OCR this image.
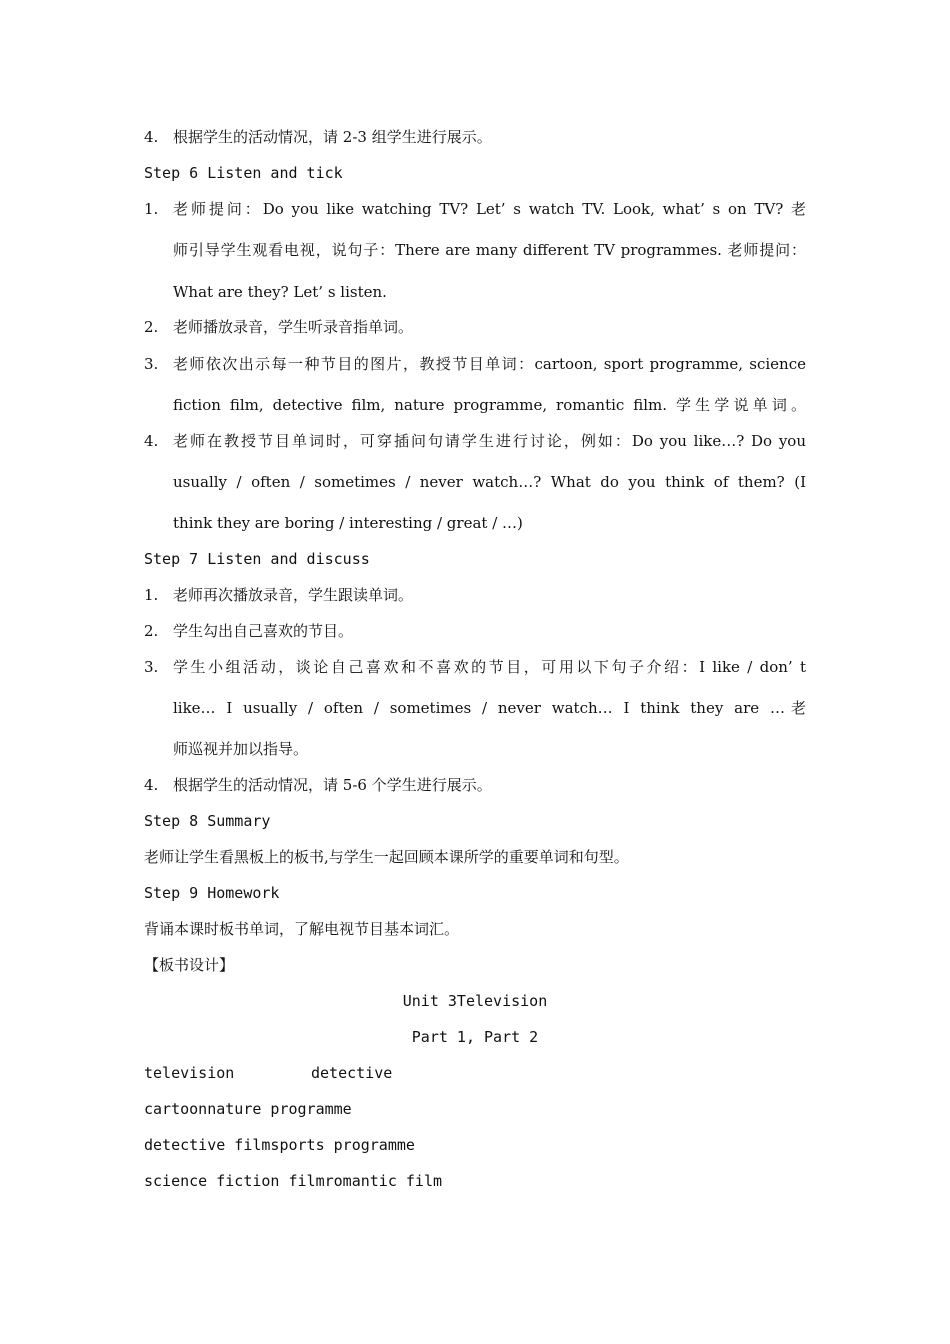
4. 根据学生的活动情况，请 2-3 组学生进行展示。
Step 6 Listen and tick
1. 老师提问：Do you like watching TV? Let’ s watch TV. Look, what’ s on TV? 老
师引导学生观看电视，说句子：There are many different TV programmes. 老师提问：
What are they? Let’ s listen.
2. 老师播放录音，学生听录音指单词。
3. 老师依次出示每一种节目的图片，教授节目单词：cartoon, sport programme, science
fiction film, detective film, nature programme, romantic film. 学生学说单词。
4. 老师在教授节目单词时，可穿插问句请学生进行讨论，例如：Do you like…? Do you
usually / often / sometimes / never watch…? What do you think of them? (I
think they are boring / interesting / great / …)
Step 7 Listen and discuss
1. 老师再次播放录音，学生跟读单词。
2. 学生勾出自己喜欢的节目。
3. 学生小组活动，谈论自己喜欢和不喜欢的节目，可用以下句子介绍：I like / don’ t
like… I usually / often / sometimes / never watch… I think they are …老
师巡视并加以指导。
4. 根据学生的活动情况，请 5-6 个学生进行展示。
Step 8 Summary
老师让学生看黑板上的板书,与学生一起回顾本课所学的重要单词和句型。
Step 9 Homework
背诵本课时板书单词，了解电视节目基本词汇。
【板书设计】
Unit 3Television
Part 1, Part 2
television	detective
cartoonnature programme
detective filmsports programme
science fiction filmromantic film
